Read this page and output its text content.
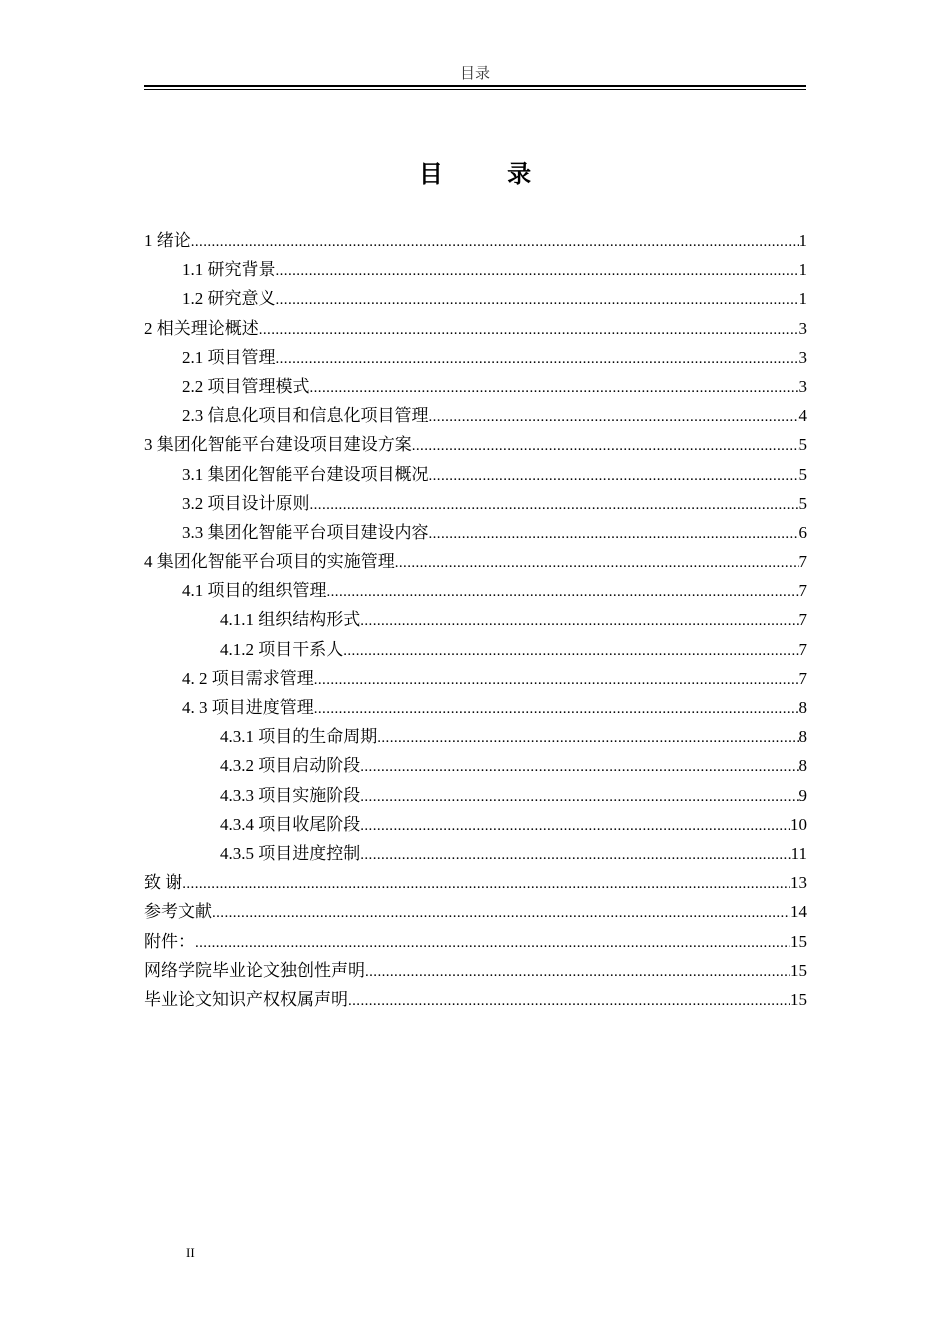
目录
目 录
1 绪论 .....	1
1.1 研究背景 .....	1
1.2 研究意义 .....	1
2 相关理论概述 .....	3
2.1 项目管理 .....	3
2.2 项目管理模式 .....	3
2.3 信息化项目和信息化项目管理 .....	4
3 集团化智能平台建设项目建设方案 .....	5
3.1 集团化智能平台建设项目概况 .....	5
3.2 项目设计原则 .....	5
3.3 集团化智能平台项目建设内容 .....	6
4 集团化智能平台项目的实施管理 .....	7
4.1 项目的组织管理 .....	7
4.1.1 组织结构形式 .....	7
4.1.2 项目干系人 .....	7
4. 2 项目需求管理 .....	7
4. 3 项目进度管理 .....	8
4.3.1 项目的生命周期 .....	8
4.3.2 项目启动阶段 .....	8
4.3.3 项目实施阶段 .....	9
4.3.4 项目收尾阶段 .....	10
4.3.5 项目进度控制 .....	11
致 谢 .....	13
参考文献 .....	14
附件： .....	15
网络学院毕业论文独创性声明 .....	15
毕业论文知识产权权属声明 .....	15
II
